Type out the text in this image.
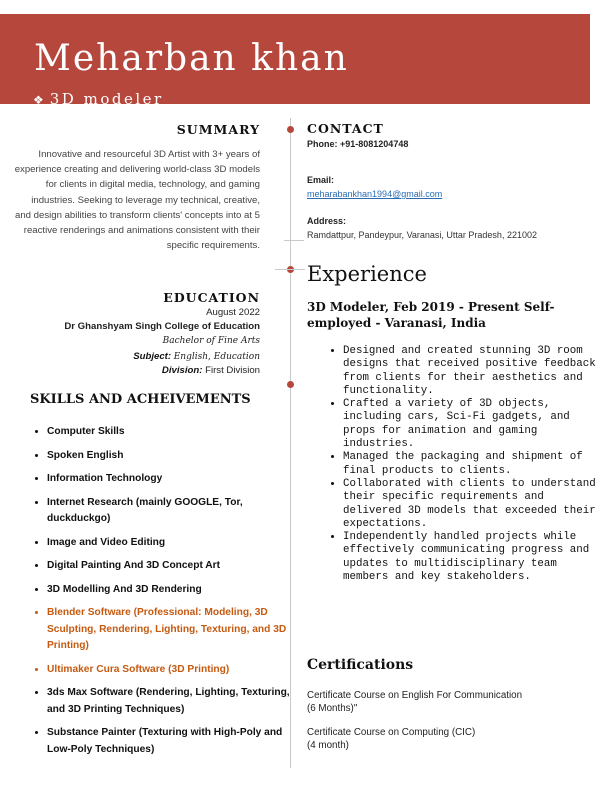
Meharban khan
❖ 3D modeler
SUMMARY
Innovative and resourceful 3D Artist with 3+ years of experience creating and delivering world-class 3D models for clients in digital media, technology, and gaming industries. Seeking to leverage my technical, creative, and design abilities to transform clients' concepts into at 5 reactive renderings and animations consistent with their specific requirements.
EDUCATION
August 2022
Dr Ghanshyam Singh College of Education
Bachelor of Fine Arts
Subject: English, Education
Division: First Division
SKILLS AND ACHEIVEMENTS
• Computer Skills
• Spoken English
• Information Technology
• Internet Research (mainly GOOGLE, Tor, duckduckgo)
• Image and Video Editing
• Digital Painting And 3D Concept Art
• 3D Modelling And 3D Rendering
• Blender Software (Professional: Modeling, 3D Sculpting, Rendering, Lighting, Texturing, and 3D Printing)
• Ultimaker Cura Software (3D Printing)
• 3ds Max Software (Rendering, Lighting, Texturing, and 3D Printing Techniques)
• Substance Painter (Texturing with High-Poly and Low-Poly Techniques)
CONTACT
Phone: +91-8081204748
Email:
meharabankhan1994@gmail.com
Address:
Ramdattpur, Pandeypur, Varanasi, Uttar Pradesh, 221002
Experience
3D Modeler, Feb 2019 - Present Self-employed - Varanasi, India
• Designed and created stunning 3D room designs that received positive feedback from clients for their aesthetics and functionality.
• Crafted a variety of 3D objects, including cars, Sci-Fi gadgets, and props for animation and gaming industries.
• Managed the packaging and shipment of final products to clients.
• Collaborated with clients to understand their specific requirements and delivered 3D models that exceeded their expectations.
• Independently handled projects while effectively communicating progress and updates to multidisciplinary team members and key stakeholders.
Certifications
Certificate Course on English For Communication
(6 Months)"
Certificate Course on Computing (CIC)
(4 month)
